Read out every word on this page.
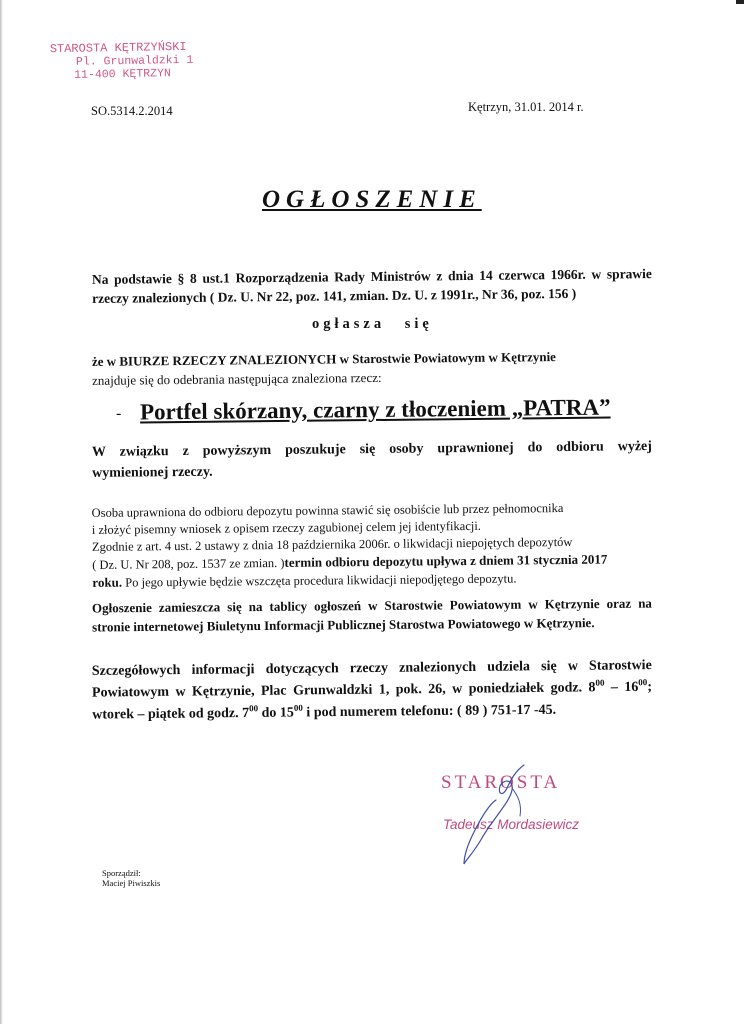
STAROSTA KĘTRZYŃSKI
Pl. Grunwaldzki 1
11-400 KĘTRZYN
SO.5314.2.2014	Kętrzyn, 31.01. 2014 r.
OGŁOSZENIE
Na podstawie § 8 ust.1 Rozporządzenia Rady Ministrów z dnia 14 czerwca 1966r. w sprawie
rzeczy znalezionych ( Dz. U. Nr 22, poz. 141, zmian. Dz. U. z 1991r., Nr 36, poz. 156 )
ogłasza się
że w BIURZE RZECZY ZNALEZIONYCH w Starostwie Powiatowym w Kętrzynie
znajduje się do odebrania następująca znaleziona rzecz:
- Portfel skórzany, czarny z tłoczeniem „PATRA”
W związku z powyższym poszukuje się osoby uprawnionej do odbioru wyżej
wymienionej rzeczy.
Osoba uprawniona do odbioru depozytu powinna stawić się osobiście lub przez pełnomocnika
i złożyć pisemny wniosek z opisem rzeczy zagubionej celem jej identyfikacji.
Zgodnie z art. 4 ust. 2 ustawy z dnia 18 października 2006r. o likwidacji niepojętych depozytów
( Dz. U. Nr 208, poz. 1537 ze zmian. )termin odbioru depozytu upływa z dniem 31 stycznia 2017
roku. Po jego upływie będzie wszczęta procedura likwidacji niepodjętego depozytu.
Ogłoszenie zamieszcza się na tablicy ogłoszeń w Starostwie Powiatowym w Kętrzynie oraz na
stronie internetowej Biuletynu Informacji Publicznej Starostwa Powiatowego w Kętrzynie.
Szczegółowych informacji dotyczących rzeczy znalezionych udziela się w Starostwie
Powiatowym w Kętrzynie, Plac Grunwaldzki 1, pok. 26, w poniedziałek godz. $8^{00} - 16^{00}$;
wtorek – piątek od godz. $7^{00}$ do $15^{00}$ i pod numerem telefonu: ( 89 ) 751-17 -45.
STAROSTA
Tadeusz Mordasiewicz
Sporządził:
Maciej Piwiszkis
